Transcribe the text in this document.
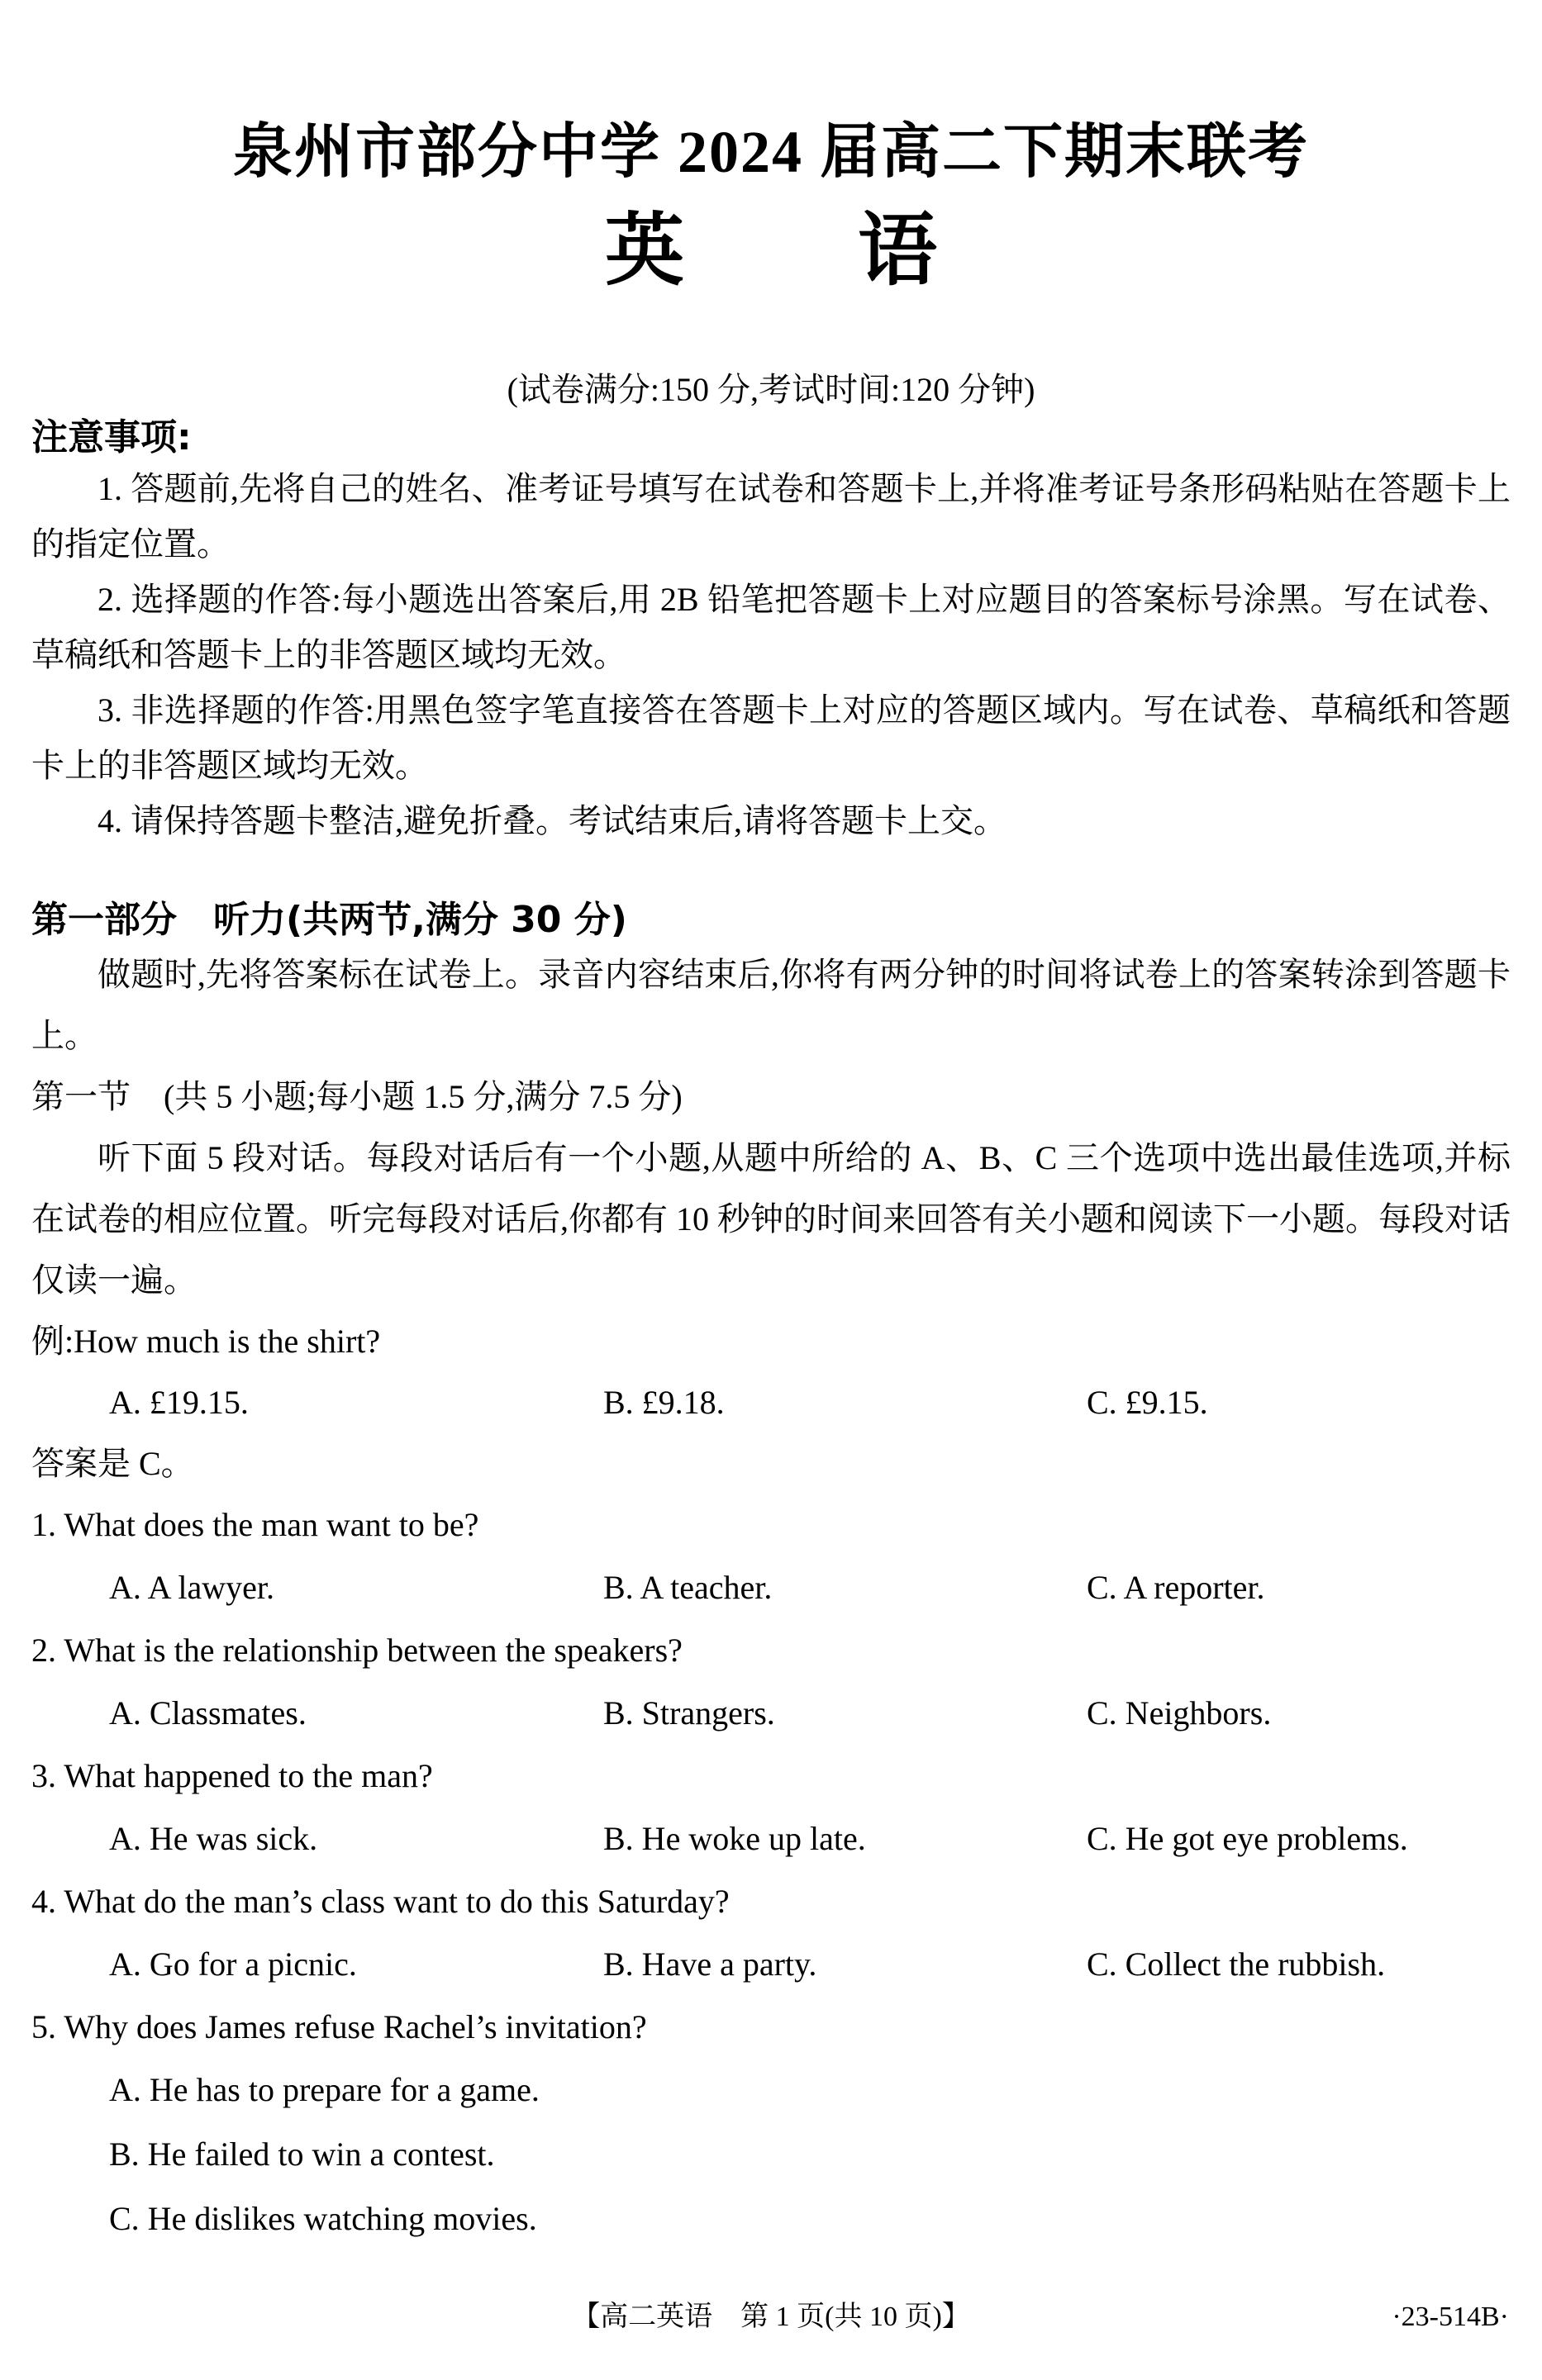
泉州市部分中学 2024 届高二下期末联考
英 语
(试卷满分:150 分,考试时间:120 分钟)
注意事项:

1. 答题前,先将自己的姓名、准考证号填写在试卷和答题卡上,并将准考证号条形码粘贴在答题卡上的指定位置。

2. 选择题的作答:每小题选出答案后,用 2B 铅笔把答题卡上对应题目的答案标号涂黑。写在试卷、草稿纸和答题卡上的非答题区域均无效。

3. 非选择题的作答:用黑色签字笔直接答在答题卡上对应的答题区域内。写在试卷、草稿纸和答题卡上的非答题区域均无效。

4. 请保持答题卡整洁,避免折叠。考试结束后,请将答题卡上交。

第一部分　听力(共两节,满分 30 分)

做题时,先将答案标在试卷上。录音内容结束后,你将有两分钟的时间将试卷上的答案转涂到答题卡上。

第一节　(共 5 小题;每小题 1.5 分,满分 7.5 分)

听下面 5 段对话。每段对话后有一个小题,从题中所给的 A、B、C 三个选项中选出最佳选项,并标在试卷的相应位置。听完每段对话后,你都有 10 秒钟的时间来回答有关小题和阅读下一小题。每段对话仅读一遍。

例:How much is the shirt?

A. £19.15.	B. £9.18.	C. £9.15.

答案是 C。

1. What does the man want to be?

A. A lawyer.	B. A teacher.	C. A reporter.

2. What is the relationship between the speakers?

A. Classmates.	B. Strangers.	C. Neighbors.

3. What happened to the man?

A. He was sick.	B. He woke up late.	C. He got eye problems.

4. What do the man’s class want to do this Saturday?

A. Go for a picnic.	B. Have a party.	C. Collect the rubbish.

5. Why does James refuse Rachel’s invitation?

A. He has to prepare for a game.
B. He failed to win a contest.
C. He dislikes watching movies.
【高二英语　第 1 页(共 10 页)】	·23-514B·
